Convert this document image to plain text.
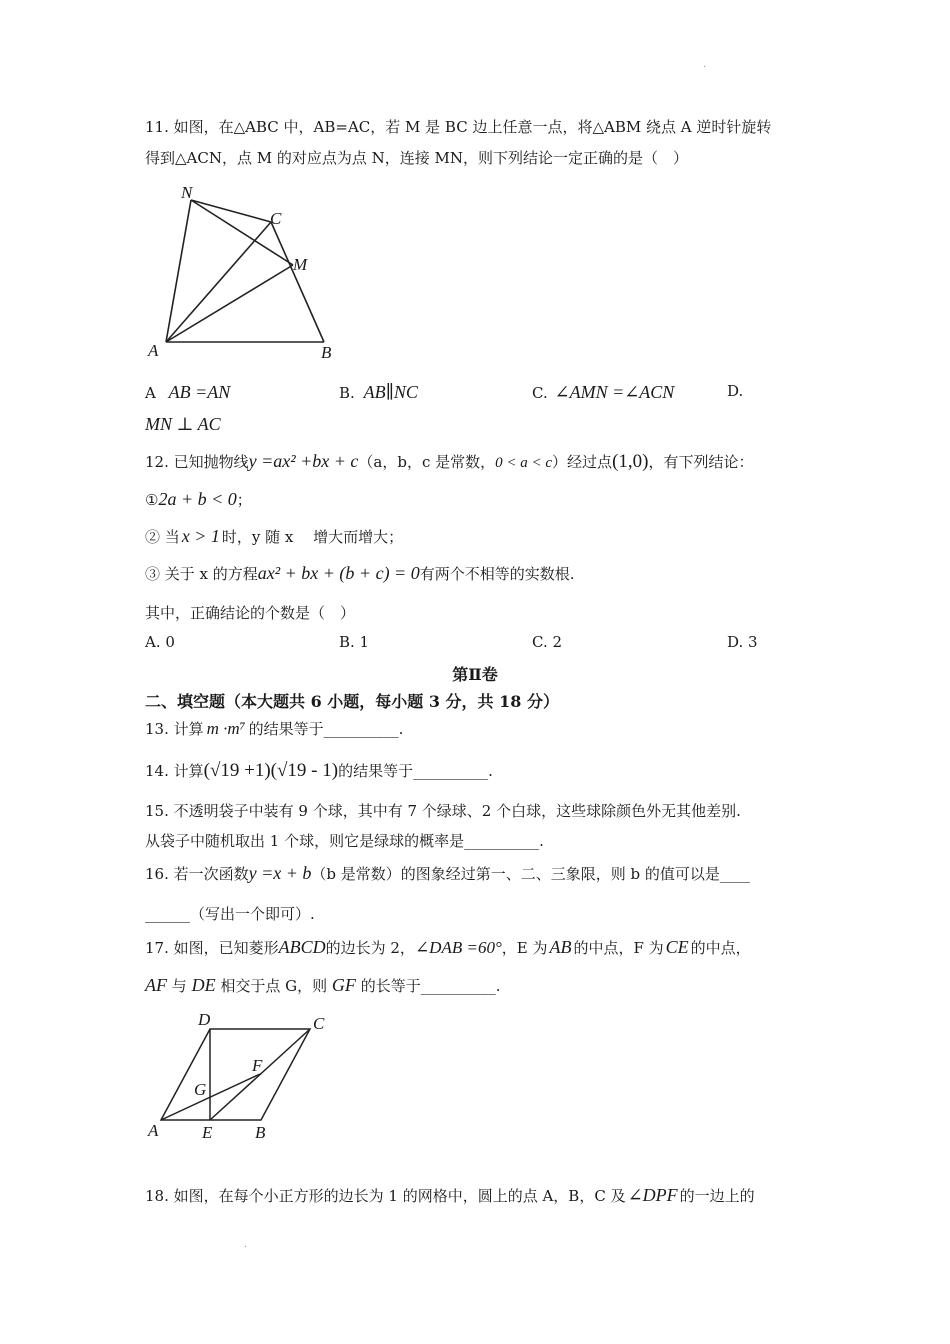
·
11. 如图，在△ABC 中，AB=AC，若 M 是 BC 边上任意一点，将△ABM 绕点 A 逆时针旋转
得到△ACN，点 M 的对应点为点 N，连接 MN，则下列结论一定正确的是（　）
N
C
M
A	B
A AB =AN	B. AB∥NC	C. ∠AMN =∠ACN	D.
MN ⊥ AC
12. 已知抛物线y =ax² +bx + c（a，b，c 是常数，0 < a < c）经过点(1,0)，有下列结论：
①2a + b < 0；
② 当 x > 1 时，y 随 x 　增大而增大；
③ 关于 x 的方程ax² + bx + (b + c) = 0有两个不相等的实数根.
其中，正确结论的个数是（　）
A. 0	B. 1	C. 2	D. 3
第Ⅱ卷
二、填空题（本大题共 6 小题，每小题 3 分，共 18 分）
13. 计算 m ·m⁷ 的结果等于__________.
14. 计算(√19 +1)(√19 - 1)的结果等于__________.
15. 不透明袋子中装有 9 个球，其中有 7 个绿球、2 个白球，这些球除颜色外无其他差别.
从袋子中随机取出 1 个球，则它是绿球的概率是__________.
16. 若一次函数y =x + b（b 是常数）的图象经过第一、二、三象限，则 b 的值可以是____
______（写出一个即可）.
17. 如图，已知菱形ABCD的边长为 2，∠DAB =60°，E 为 AB 的中点，F 为 CE 的中点，
AF 与 DE 相交于点 G，则 GF 的长等于__________.
D	C
F
G
A	E	B
18. 如图，在每个小正方形的边长为 1 的网格中，圆上的点 A，B，C 及 ∠DPF 的一边上的
·
